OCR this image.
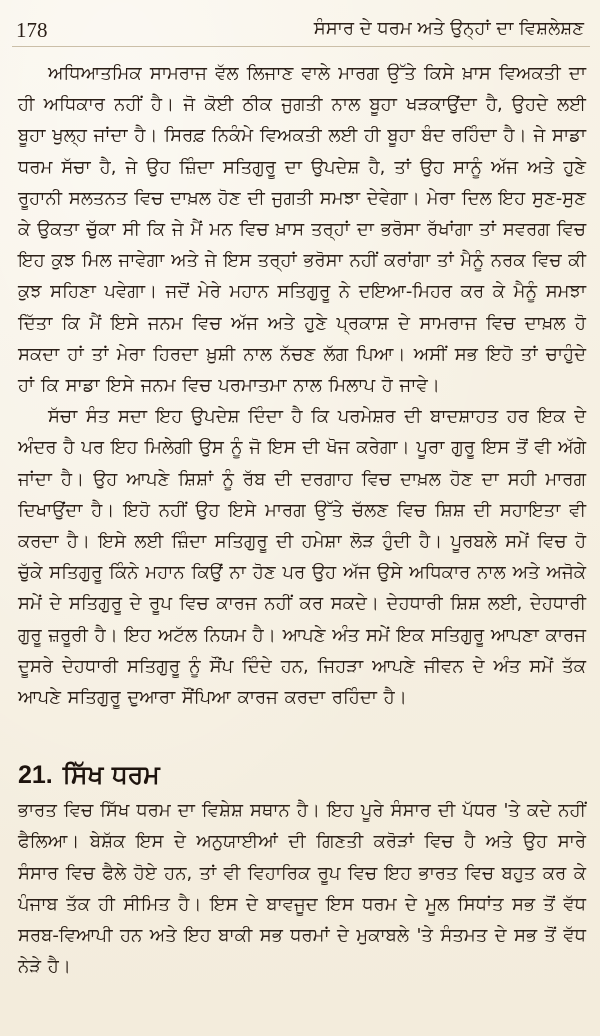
178	ਸੰਸਾਰ ਦੇ ਧਰਮ ਅਤੇ ਉਨ੍ਹਾਂ ਦਾ ਵਿਸ਼ਲੇਸ਼ਣ

ਅਧਿਆਤਮਿਕ ਸਾਮਰਾਜ ਵੱਲ ਲਿਜਾਣ ਵਾਲੇ ਮਾਰਗ ਉੱਤੇ ਕਿਸੇ ਖ਼ਾਸ ਵਿਅਕਤੀ ਦਾ ਹੀ ਅਧਿਕਾਰ ਨਹੀਂ ਹੈ। ਜੋ ਕੋਈ ਠੀਕ ਜੁਗਤੀ ਨਾਲ ਬੂਹਾ ਖੜਕਾਉਂਦਾ ਹੈ, ਉਹਦੇ ਲਈ ਬੂਹਾ ਖੁਲ੍ਹ ਜਾਂਦਾ ਹੈ। ਸਿਰਫ਼ ਨਿਕੰਮੇ ਵਿਅਕਤੀ ਲਈ ਹੀ ਬੂਹਾ ਬੰਦ ਰਹਿੰਦਾ ਹੈ। ਜੇ ਸਾਡਾ ਧਰਮ ਸੱਚਾ ਹੈ, ਜੇ ਉਹ ਜ਼ਿੰਦਾ ਸਤਿਗੁਰੂ ਦਾ ਉਪਦੇਸ਼ ਹੈ, ਤਾਂ ਉਹ ਸਾਨੂੰ ਅੱਜ ਅਤੇ ਹੁਣੇ ਰੂਹਾਨੀ ਸਲਤਨਤ ਵਿਚ ਦਾਖ਼ਲ ਹੋਣ ਦੀ ਜੁਗਤੀ ਸਮਝਾ ਦੇਵੇਗਾ। ਮੇਰਾ ਦਿਲ ਇਹ ਸੁਣ-ਸੁਣ ਕੇ ਉਕਤਾ ਚੁੱਕਾ ਸੀ ਕਿ ਜੇ ਮੈਂ ਮਨ ਵਿਚ ਖ਼ਾਸ ਤਰ੍ਹਾਂ ਦਾ ਭਰੋਸਾ ਰੱਖਾਂਗਾ ਤਾਂ ਸਵਰਗ ਵਿਚ ਇਹ ਕੁਝ ਮਿਲ ਜਾਵੇਗਾ ਅਤੇ ਜੇ ਇਸ ਤਰ੍ਹਾਂ ਭਰੋਸਾ ਨਹੀਂ ਕਰਾਂਗਾ ਤਾਂ ਮੈਨੂੰ ਨਰਕ ਵਿਚ ਕੀ ਕੁਝ ਸਹਿਣਾ ਪਵੇਗਾ। ਜਦੋਂ ਮੇਰੇ ਮਹਾਨ ਸਤਿਗੁਰੂ ਨੇ ਦਇਆ-ਮਿਹਰ ਕਰ ਕੇ ਮੈਨੂੰ ਸਮਝਾ ਦਿੱਤਾ ਕਿ ਮੈਂ ਇਸੇ ਜਨਮ ਵਿਚ ਅੱਜ ਅਤੇ ਹੁਣੇ ਪ੍ਰਕਾਸ਼ ਦੇ ਸਾਮਰਾਜ ਵਿਚ ਦਾਖ਼ਲ ਹੋ ਸਕਦਾ ਹਾਂ ਤਾਂ ਮੇਰਾ ਹਿਰਦਾ ਖ਼ੁਸ਼ੀ ਨਾਲ ਨੱਚਣ ਲੱਗ ਪਿਆ। ਅਸੀਂ ਸਭ ਇਹੋ ਤਾਂ ਚਾਹੁੰਦੇ ਹਾਂ ਕਿ ਸਾਡਾ ਇਸੇ ਜਨਮ ਵਿਚ ਪਰਮਾਤਮਾ ਨਾਲ ਮਿਲਾਪ ਹੋ ਜਾਵੇ।

ਸੱਚਾ ਸੰਤ ਸਦਾ ਇਹ ਉਪਦੇਸ਼ ਦਿੰਦਾ ਹੈ ਕਿ ਪਰਮੇਸ਼ਰ ਦੀ ਬਾਦਸ਼ਾਹਤ ਹਰ ਇਕ ਦੇ ਅੰਦਰ ਹੈ ਪਰ ਇਹ ਮਿਲੇਗੀ ਉਸ ਨੂੰ ਜੋ ਇਸ ਦੀ ਖੋਜ ਕਰੇਗਾ। ਪੂਰਾ ਗੁਰੂ ਇਸ ਤੋਂ ਵੀ ਅੱਗੇ ਜਾਂਦਾ ਹੈ। ਉਹ ਆਪਣੇ ਸ਼ਿਸ਼ਾਂ ਨੂੰ ਰੱਬ ਦੀ ਦਰਗਾਹ ਵਿਚ ਦਾਖ਼ਲ ਹੋਣ ਦਾ ਸਹੀ ਮਾਰਗ ਦਿਖਾਉਂਦਾ ਹੈ। ਇਹੋ ਨਹੀਂ ਉਹ ਇਸੇ ਮਾਰਗ ਉੱਤੇ ਚੱਲਣ ਵਿਚ ਸ਼ਿਸ਼ ਦੀ ਸਹਾਇਤਾ ਵੀ ਕਰਦਾ ਹੈ। ਇਸੇ ਲਈ ਜ਼ਿੰਦਾ ਸਤਿਗੁਰੂ ਦੀ ਹਮੇਸ਼ਾ ਲੋੜ ਹੁੰਦੀ ਹੈ। ਪੂਰਬਲੇ ਸਮੇਂ ਵਿਚ ਹੋ ਚੁੱਕੇ ਸਤਿਗੁਰੂ ਕਿੰਨੇ ਮਹਾਨ ਕਿਉਂ ਨਾ ਹੋਣ ਪਰ ਉਹ ਅੱਜ ਉਸੇ ਅਧਿਕਾਰ ਨਾਲ ਅਤੇ ਅਜੋਕੇ ਸਮੇਂ ਦੇ ਸਤਿਗੁਰੂ ਦੇ ਰੂਪ ਵਿਚ ਕਾਰਜ ਨਹੀਂ ਕਰ ਸਕਦੇ। ਦੇਹਧਾਰੀ ਸ਼ਿਸ਼ ਲਈ, ਦੇਹਧਾਰੀ ਗੁਰੂ ਜ਼ਰੂਰੀ ਹੈ। ਇਹ ਅਟੱਲ ਨਿਯਮ ਹੈ। ਆਪਣੇ ਅੰਤ ਸਮੇਂ ਇਕ ਸਤਿਗੁਰੂ ਆਪਣਾ ਕਾਰਜ ਦੂਸਰੇ ਦੇਹਧਾਰੀ ਸਤਿਗੁਰੂ ਨੂੰ ਸੌਂਪ ਦਿੰਦੇ ਹਨ, ਜਿਹੜਾ ਆਪਣੇ ਜੀਵਨ ਦੇ ਅੰਤ ਸਮੇਂ ਤੱਕ ਆਪਣੇ ਸਤਿਗੁਰੂ ਦੁਆਰਾ ਸੌਂਪਿਆ ਕਾਰਜ ਕਰਦਾ ਰਹਿੰਦਾ ਹੈ।

21. ਸਿੱਖ ਧਰਮ

ਭਾਰਤ ਵਿਚ ਸਿੱਖ ਧਰਮ ਦਾ ਵਿਸ਼ੇਸ਼ ਸਥਾਨ ਹੈ। ਇਹ ਪੂਰੇ ਸੰਸਾਰ ਦੀ ਪੱਧਰ 'ਤੇ ਕਦੇ ਨਹੀਂ ਫੈਲਿਆ। ਬੇਸ਼ੱਕ ਇਸ ਦੇ ਅਨੁਯਾਈਆਂ ਦੀ ਗਿਣਤੀ ਕਰੋੜਾਂ ਵਿਚ ਹੈ ਅਤੇ ਉਹ ਸਾਰੇ ਸੰਸਾਰ ਵਿਚ ਫੈਲੇ ਹੋਏ ਹਨ, ਤਾਂ ਵੀ ਵਿਹਾਰਿਕ ਰੂਪ ਵਿਚ ਇਹ ਭਾਰਤ ਵਿਚ ਬਹੁਤ ਕਰ ਕੇ ਪੰਜਾਬ ਤੱਕ ਹੀ ਸੀਮਿਤ ਹੈ। ਇਸ ਦੇ ਬਾਵਜੂਦ ਇਸ ਧਰਮ ਦੇ ਮੂਲ ਸਿਧਾਂਤ ਸਭ ਤੋਂ ਵੱਧ ਸਰਬ-ਵਿਆਪੀ ਹਨ ਅਤੇ ਇਹ ਬਾਕੀ ਸਭ ਧਰਮਾਂ ਦੇ ਮੁਕਾਬਲੇ 'ਤੇ ਸੰਤਮਤ ਦੇ ਸਭ ਤੋਂ ਵੱਧ ਨੇੜੇ ਹੈ।
